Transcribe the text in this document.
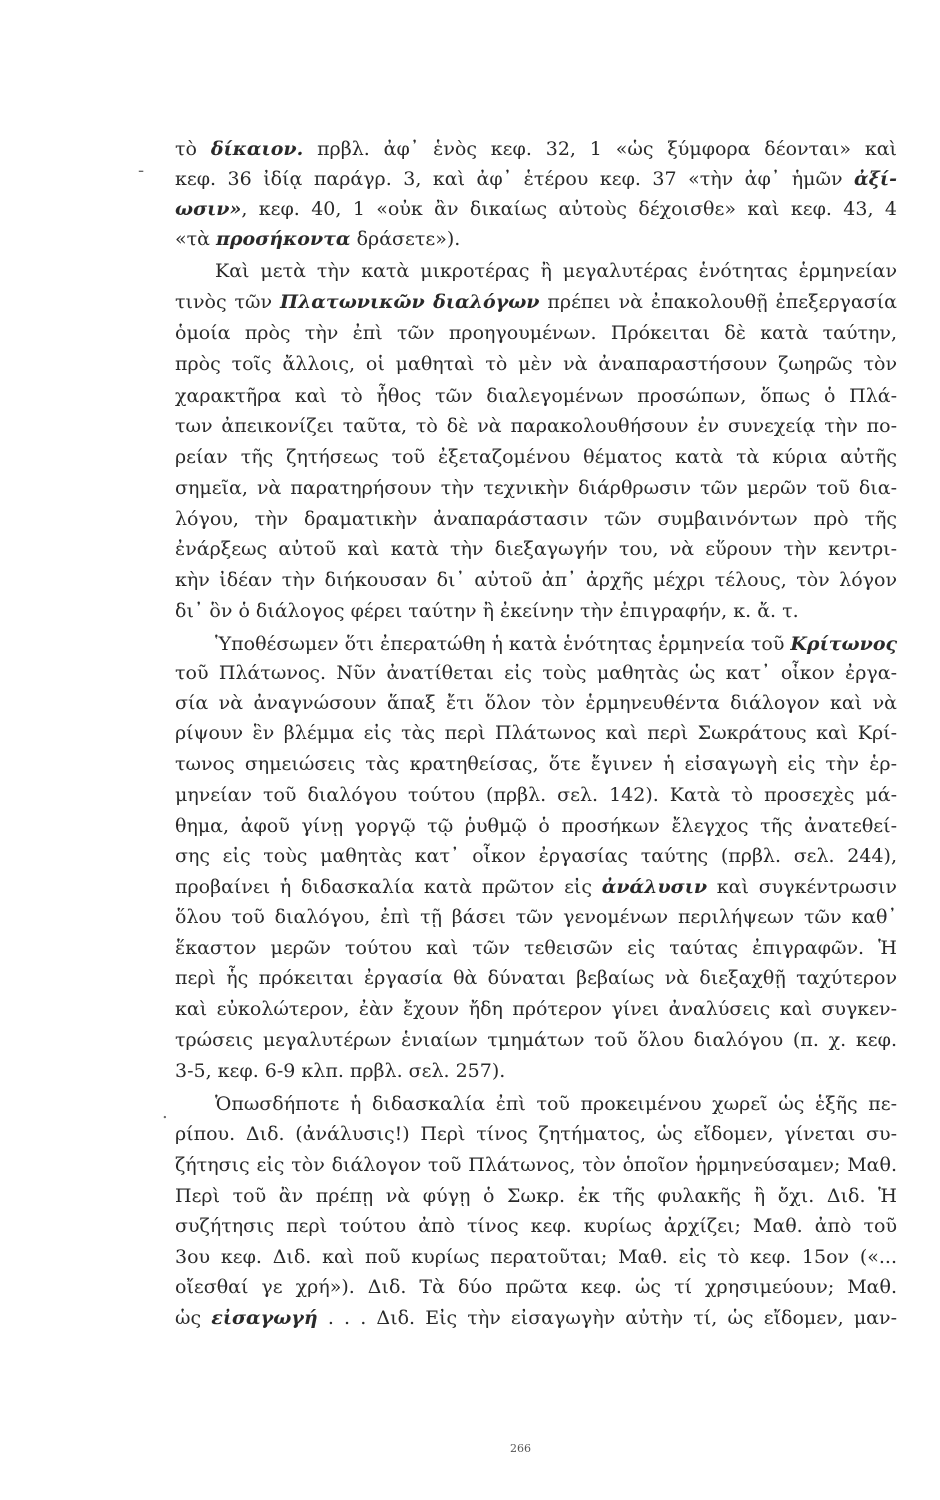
-
.
τὸ δίκαιον. πρβλ. ἀφ᾽ ἑνὸς κεφ. 32, 1 «ὡς ξύμφορα δέονται» καὶ
κεφ. 36 ἰδίᾳ παράγρ. 3, καὶ ἀφ᾽ ἑτέρου κεφ. 37 «τὴν ἀφ᾽ ἡμῶν ἀξί-
ωσιν», κεφ. 40, 1 «οὐκ ἂν δικαίως αὐτοὺς δέχοισθε» καὶ κεφ. 43, 4
«τὰ προσήκοντα δράσετε»).
Καὶ μετὰ τὴν κατὰ μικροτέρας ἢ μεγαλυτέρας ἑνότητας ἑρμηνείαν
τινὸς τῶν Πλατωνικῶν διαλόγων πρέπει νὰ ἐπακολουθῇ ἐπεξεργασία
ὁμοία πρὸς τὴν ἐπὶ τῶν προηγουμένων. Πρόκειται δὲ κατὰ ταύτην,
πρὸς τοῖς ἄλλοις, οἱ μαθηταὶ τὸ μὲν νὰ ἀναπαραστήσουν ζωηρῶς τὸν
χαρακτῆρα καὶ τὸ ἦθος τῶν διαλεγομένων προσώπων, ὅπως ὁ Πλά-
των ἀπεικονίζει ταῦτα, τὸ δὲ νὰ παρακολουθήσουν ἐν συνεχείᾳ τὴν πο-
ρείαν τῆς ζητήσεως τοῦ ἐξεταζομένου θέματος κατὰ τὰ κύρια αὐτῆς
σημεῖα, νὰ παρατηρήσουν τὴν τεχνικὴν διάρθρωσιν τῶν μερῶν τοῦ δια-
λόγου, τὴν δραματικὴν ἀναπαράστασιν τῶν συμβαινόντων πρὸ τῆς
ἐνάρξεως αὐτοῦ καὶ κατὰ τὴν διεξαγωγήν του, νὰ εὕρουν τὴν κεντρι-
κὴν ἰδέαν τὴν διήκουσαν δι᾽ αὐτοῦ ἀπ᾽ ἀρχῆς μέχρι τέλους, τὸν λόγον
δι᾽ ὃν ὁ διάλογος φέρει ταύτην ἢ ἐκείνην τὴν ἐπιγραφήν, κ. ἄ. τ.
Ὑποθέσωμεν ὅτι ἐπερατώθη ἡ κατὰ ἑνότητας ἑρμηνεία τοῦ Κρίτωνος
τοῦ Πλάτωνος. Νῦν ἀνατίθεται εἰς τοὺς μαθητὰς ὡς κατ᾽ οἶκον ἐργα-
σία νὰ ἀναγνώσουν ἅπαξ ἔτι ὅλον τὸν ἑρμηνευθέντα διάλογον καὶ νὰ
ρίψουν ἓν βλέμμα εἰς τὰς περὶ Πλάτωνος καὶ περὶ Σωκράτους καὶ Κρί-
τωνος σημειώσεις τὰς κρατηθείσας, ὅτε ἔγινεν ἡ εἰσαγωγὴ εἰς τὴν ἑρ-
μηνείαν τοῦ διαλόγου τούτου (πρβλ. σελ. 142). Κατὰ τὸ προσεχὲς μά-
θημα, ἀφοῦ γίνῃ γοργῷ τῷ ῥυθμῷ ὁ προσήκων ἔλεγχος τῆς ἀνατεθεί-
σης εἰς τοὺς μαθητὰς κατ᾽ οἶκον ἐργασίας ταύτης (πρβλ. σελ. 244),
προβαίνει ἡ διδασκαλία κατὰ πρῶτον εἰς ἀνάλυσιν καὶ συγκέντρωσιν
ὅλου τοῦ διαλόγου, ἐπὶ τῇ βάσει τῶν γενομένων περιλήψεων τῶν καθ᾽
ἕκαστον μερῶν τούτου καὶ τῶν τεθεισῶν εἰς ταύτας ἐπιγραφῶν. Ἡ
περὶ ἧς πρόκειται ἐργασία θὰ δύναται βεβαίως νὰ διεξαχθῇ ταχύτερον
καὶ εὐκολώτερον, ἐὰν ἔχουν ἤδη πρότερον γίνει ἀναλύσεις καὶ συγκεν-
τρώσεις μεγαλυτέρων ἑνιαίων τμημάτων τοῦ ὅλου διαλόγου (π. χ. κεφ.
3-5, κεφ. 6-9 κλπ. πρβλ. σελ. 257).
Ὁπωσδήποτε ἡ διδασκαλία ἐπὶ τοῦ προκειμένου χωρεῖ ὡς ἑξῆς πε-
ρίπου. Διδ. (ἀνάλυσις!) Περὶ τίνος ζητήματος, ὡς εἴδομεν, γίνεται συ-
ζήτησις εἰς τὸν διάλογον τοῦ Πλάτωνος, τὸν ὁποῖον ἡρμηνεύσαμεν; Μαθ.
Περὶ τοῦ ἂν πρέπῃ νὰ φύγῃ ὁ Σωκρ. ἐκ τῆς φυλακῆς ἢ ὄχι. Διδ. Ἡ
συζήτησις περὶ τούτου ἀπὸ τίνος κεφ. κυρίως ἀρχίζει; Μαθ. ἀπὸ τοῦ
3ου κεφ. Διδ. καὶ ποῦ κυρίως περατοῦται; Μαθ. εἰς τὸ κεφ. 15ον («...
οἴεσθαί γε χρή»). Διδ. Τὰ δύο πρῶτα κεφ. ὡς τί χρησιμεύουν; Μαθ.
ὡς εἰσαγωγή . . . Διδ. Εἰς τὴν εἰσαγωγὴν αὐτὴν τί, ὡς εἴδομεν, μαν-
266
